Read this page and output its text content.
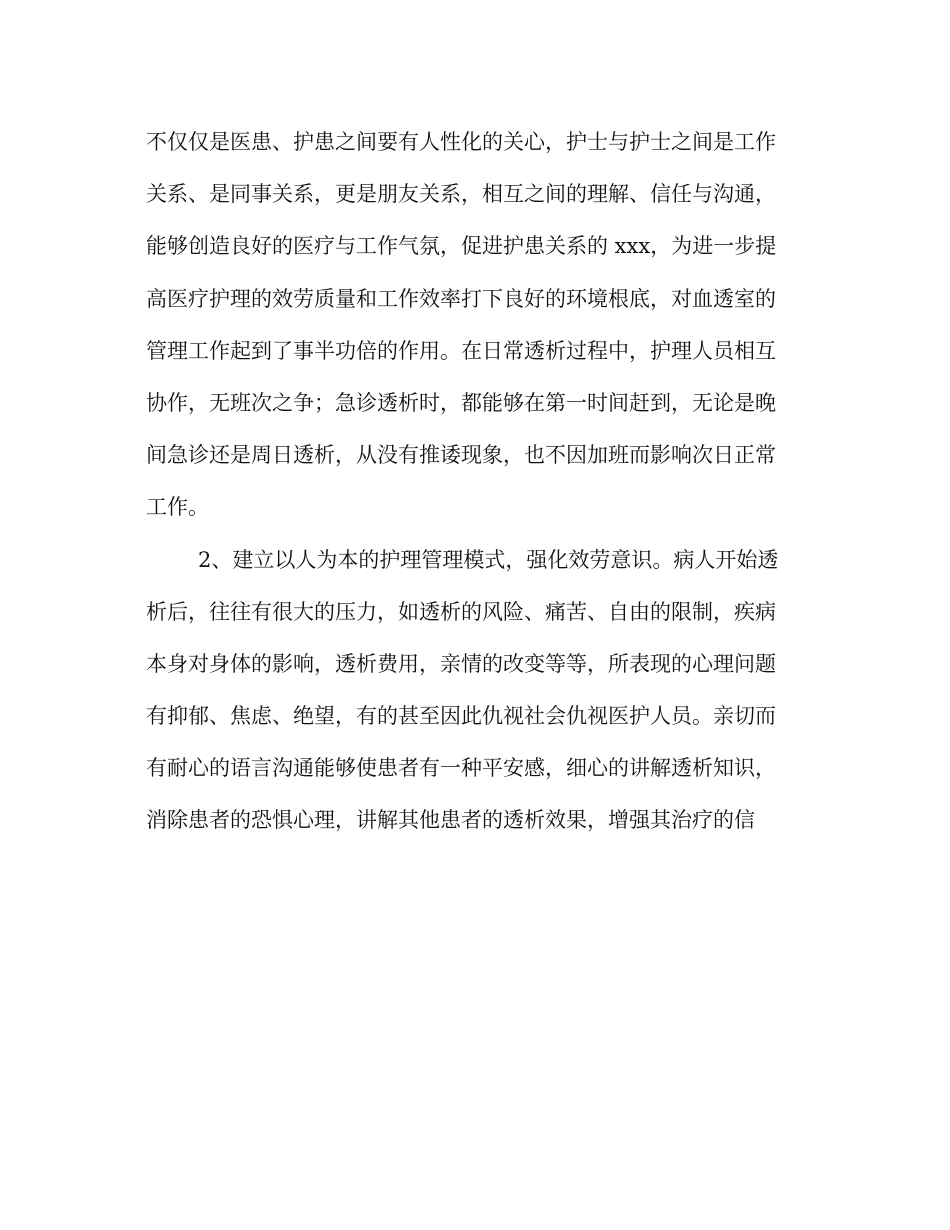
不仅仅是医患、护患之间要有人性化的关心，护士与护士之间是工作
关系、是同事关系，更是朋友关系，相互之间的理解、信任与沟通，
能够创造良好的医疗与工作气氛，促进护患关系的 xxx，为进一步提
高医疗护理的效劳质量和工作效率打下良好的环境根底，对血透室的
管理工作起到了事半功倍的作用。在日常透析过程中，护理人员相互
协作，无班次之争；急诊透析时，都能够在第一时间赶到，无论是晚
间急诊还是周日透析，从没有推诿现象，也不因加班而影响次日正常
工作。
2、建立以人为本的护理管理模式，强化效劳意识。病人开始透
析后，往往有很大的压力，如透析的风险、痛苦、自由的限制，疾病
本身对身体的影响，透析费用，亲情的改变等等，所表现的心理问题
有抑郁、焦虑、绝望，有的甚至因此仇视社会仇视医护人员。亲切而
有耐心的语言沟通能够使患者有一种平安感，细心的讲解透析知识，
消除患者的恐惧心理，讲解其他患者的透析效果，增强其治疗的信
